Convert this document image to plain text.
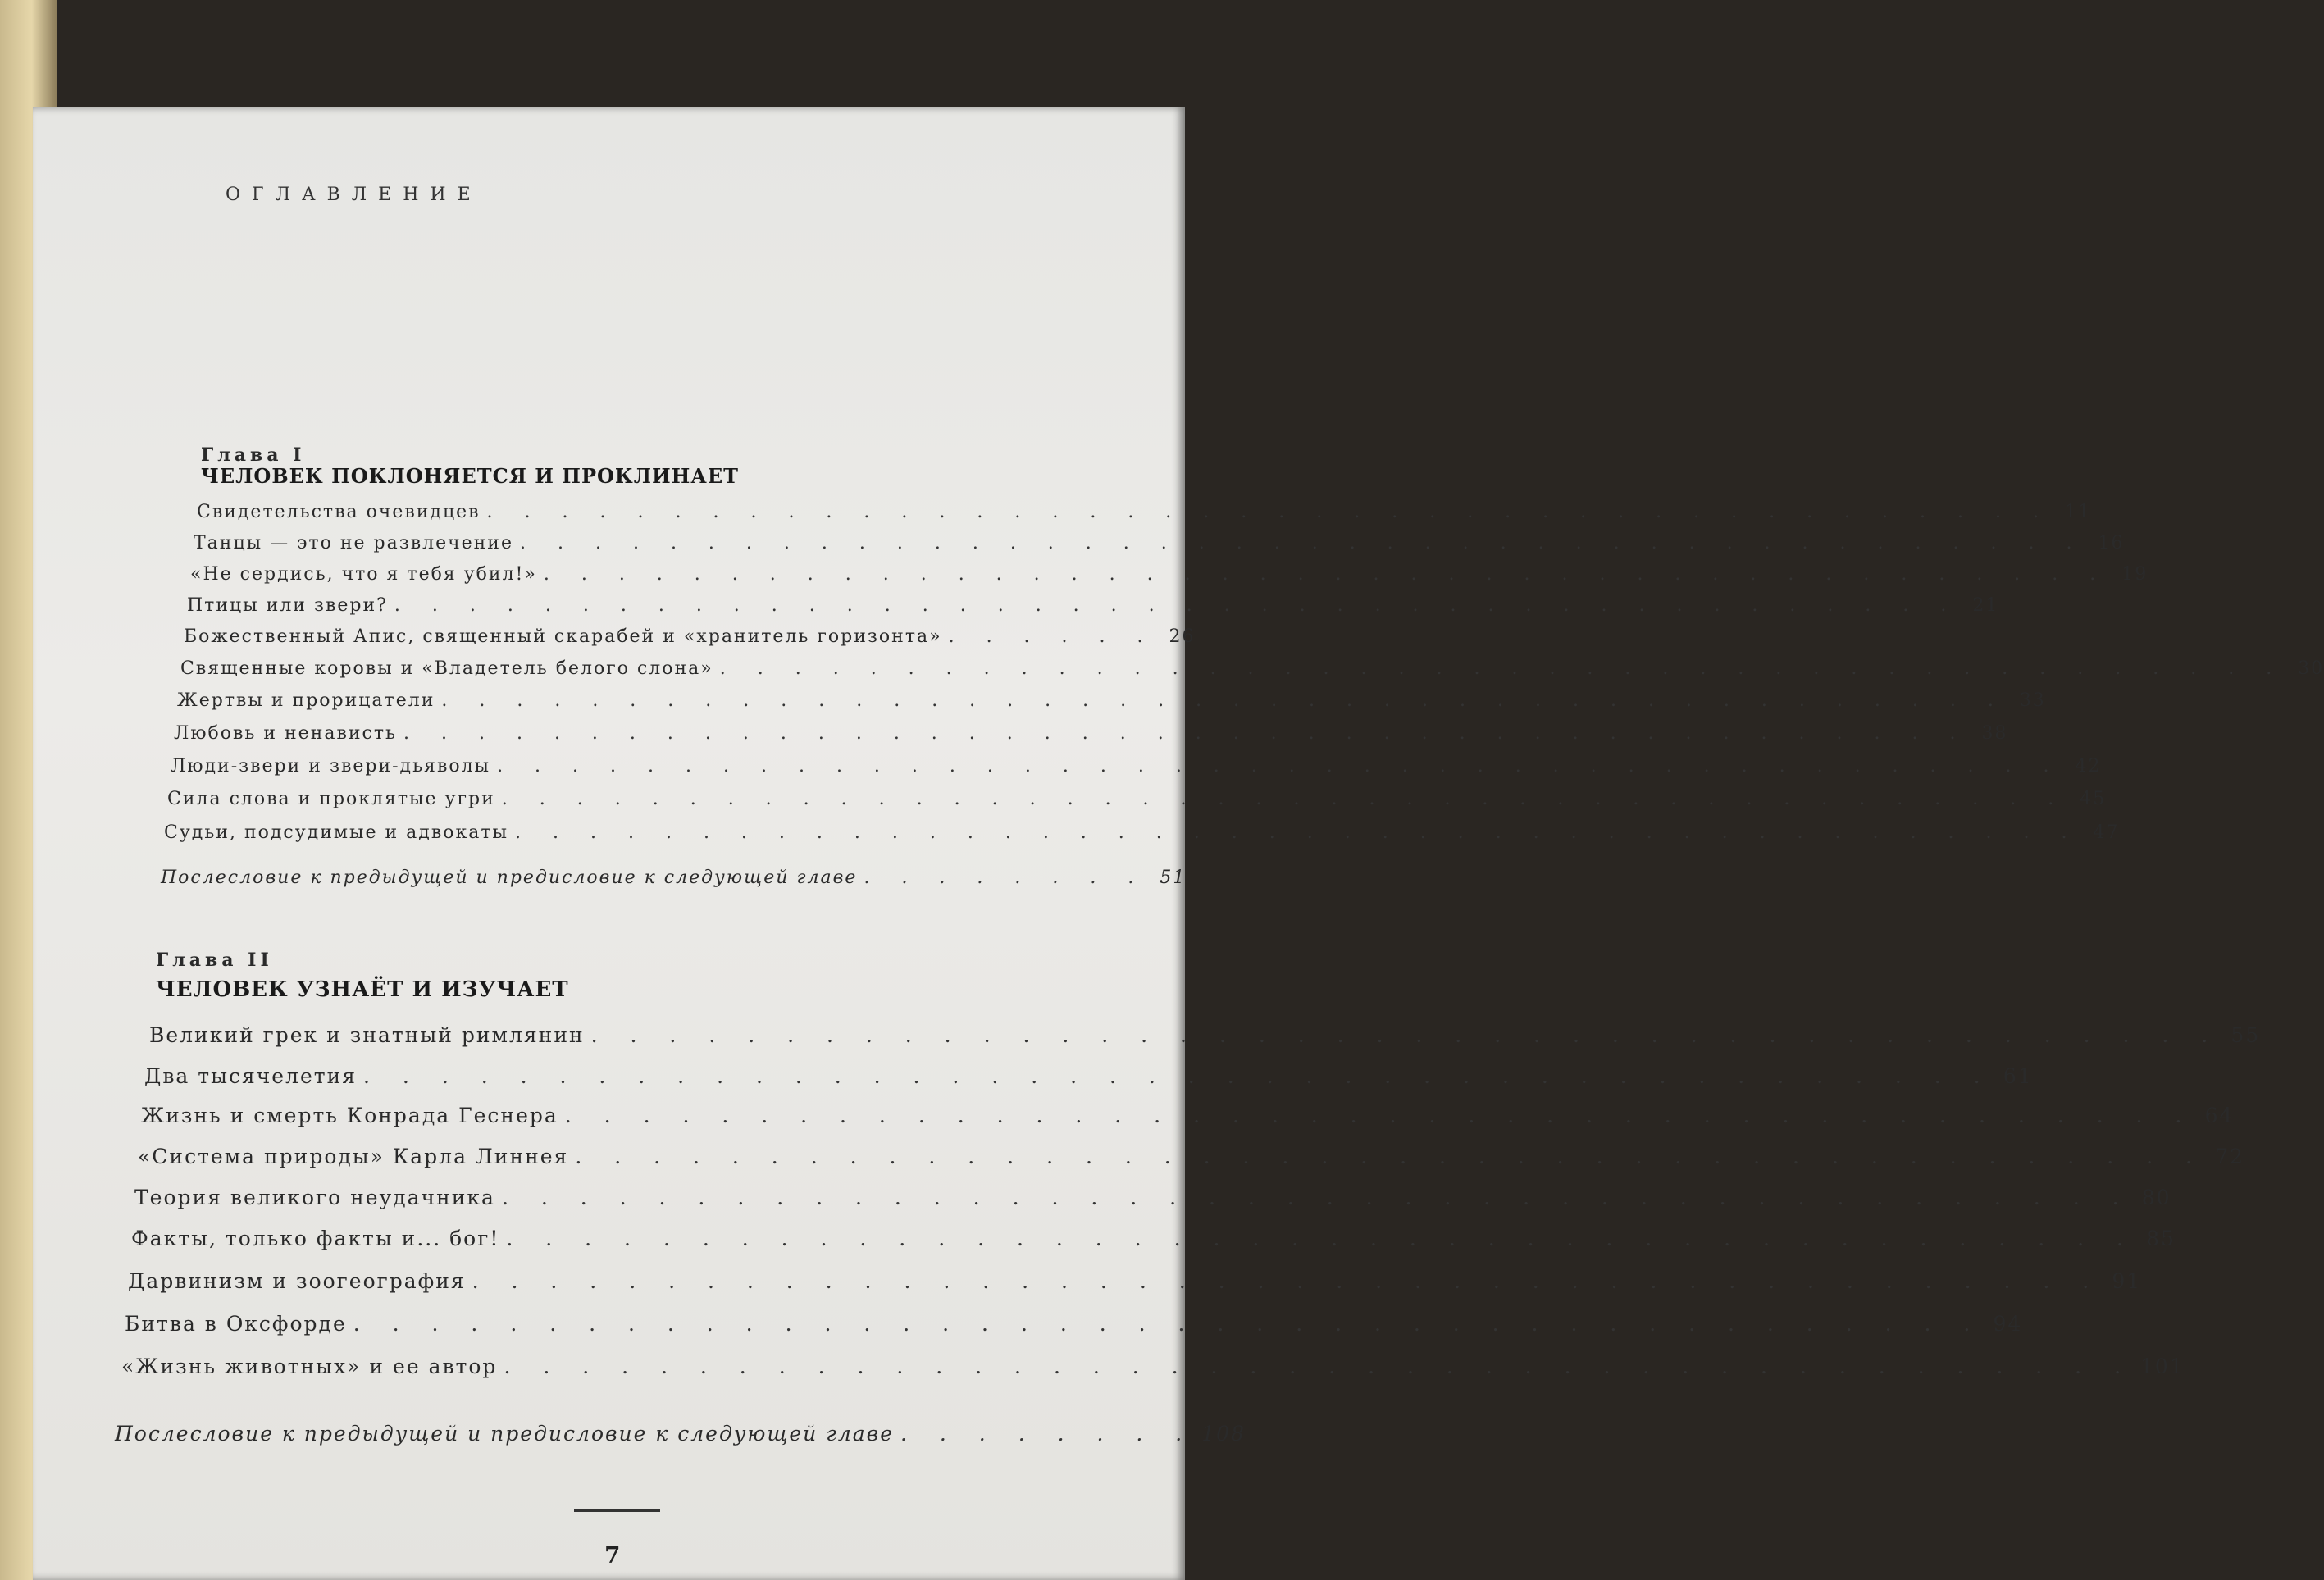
ОГЛАВЛЕНИЕ
Глава I
ЧЕЛОВЕК ПОКЛОНЯЕТСЯ И ПРОКЛИНАЕТ
Свидетельства очевидцев . . . . . . . . . . . . . . . . . . . . . . . . . . . . . . . . . . . . . . . . . . 11
Танцы — это не развлечение . . . . . . . . . . . . . . . . . . . . . . . . . . . . . . . . . . . . . . . . . . 16
«Не сердись, что я тебя убил!» . . . . . . . . . . . . . . . . . . . . . . . . . . . . . . . . . . . . . . . . . . 19
Птицы или звери? . . . . . . . . . . . . . . . . . . . . . . . . . . . . . . . . . . . . . . . . . . 21
Божественный Апис, священный скарабей и «хранитель горизонта» . . . . . . 26
Священные коровы и «Владетель белого слона» . . . . . . . . . . . . . . . . . . . . . . . . . . . . . . . . . . . . . . . . . . 30
Жертвы и прорицатели . . . . . . . . . . . . . . . . . . . . . . . . . . . . . . . . . . . . . . . . . . 33
Любовь и ненависть . . . . . . . . . . . . . . . . . . . . . . . . . . . . . . . . . . . . . . . . . . 38
Люди-звери и звери-дьяволы . . . . . . . . . . . . . . . . . . . . . . . . . . . . . . . . . . . . . . . . . . 42
Сила слова и проклятые угри . . . . . . . . . . . . . . . . . . . . . . . . . . . . . . . . . . . . . . . . . . 45
Судьи, подсудимые и адвокаты . . . . . . . . . . . . . . . . . . . . . . . . . . . . . . . . . . . . . . . . . . 47
Послесловие к предыдущей и предисловие к следующей главе . . . . . . . . 51
Глава II
ЧЕЛОВЕК УЗНАЁТ И ИЗУЧАЕТ
Великий грек и знатный римлянин . . . . . . . . . . . . . . . . . . . . . . . . . . . . . . . . . . . . . . . . . . 55
Два тысячелетия . . . . . . . . . . . . . . . . . . . . . . . . . . . . . . . . . . . . . . . . . . 61
Жизнь и смерть Конрада Геснера . . . . . . . . . . . . . . . . . . . . . . . . . . . . . . . . . . . . . . . . . . 64
«Система природы» Карла Линнея . . . . . . . . . . . . . . . . . . . . . . . . . . . . . . . . . . . . . . . . . . 72
Теория великого неудачника . . . . . . . . . . . . . . . . . . . . . . . . . . . . . . . . . . . . . . . . . . 80
Факты, только факты и... бог! . . . . . . . . . . . . . . . . . . . . . . . . . . . . . . . . . . . . . . . . . . 85
Дарвинизм и зоогеография . . . . . . . . . . . . . . . . . . . . . . . . . . . . . . . . . . . . . . . . . . 91
Битва в Оксфорде . . . . . . . . . . . . . . . . . . . . . . . . . . . . . . . . . . . . . . . . . . 94
«Жизнь животных» и ее автор . . . . . . . . . . . . . . . . . . . . . . . . . . . . . . . . . . . . . . . . . . 101
Послесловие к предыдущей и предисловие к следующей главе . . . . . . . . 108
7
